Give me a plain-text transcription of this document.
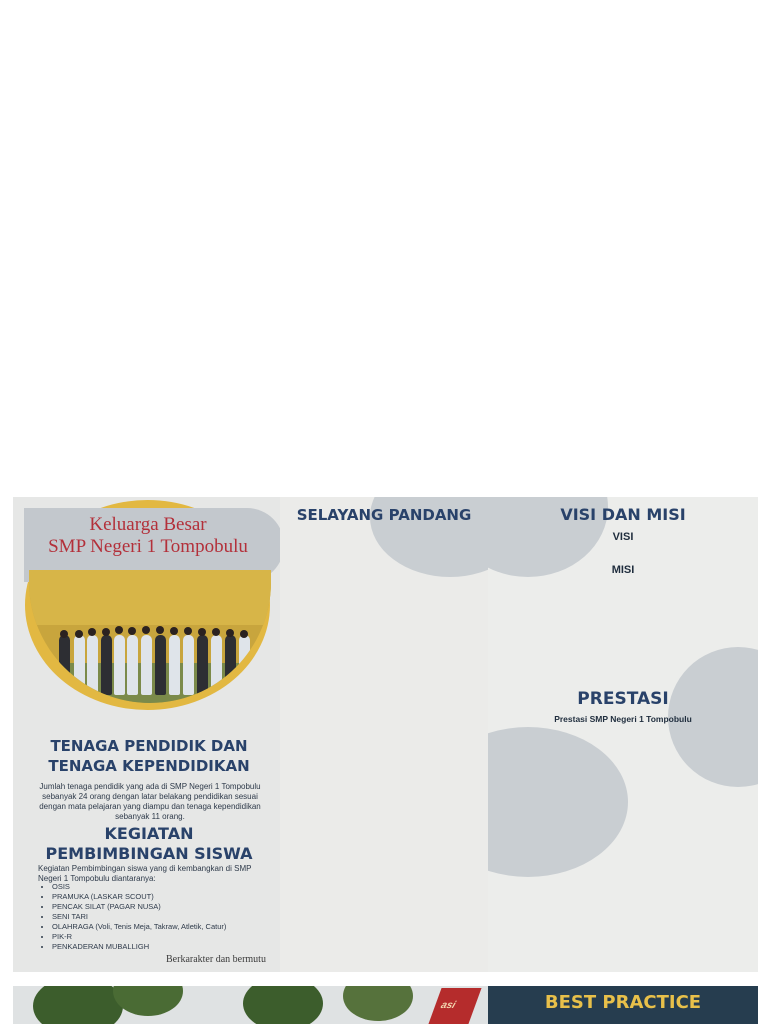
Keluarga Besar
SMP Negeri 1 Tompobulu
TENAGA PENDIDIK DAN TENAGA KEPENDIDIKAN
Jumlah tenaga pendidik yang ada di SMP Negeri 1 Tompobulu sebanyak 24 orang dengan latar belakang pendidikan sesuai dengan mata pelajaran yang diampu dan tenaga kependidikan sebanyak 11 orang.
KEGIATAN PEMBIMBINGAN SISWA
Kegiatan Pembimbingan siswa yang di kembangkan di SMP Negeri 1 Tompobulu diantaranya:
• OSIS
• PRAMUKA (LASKAR SCOUT)
• PENCAK SILAT (PAGAR NUSA)
• SENI TARI
• OLAHRAGA (Voli, Tenis Meja, Takraw, Atletik, Catur)
• PIK-R
• PENKADERAN MUBALLIGH
Berkarakter dan bermutu
SELAYANG PANDANG	VISI DAN MISI
VISI
MISI
PRESTASI
Prestasi SMP Negeri 1 Tompobulu
asi	BEST PRACTICE
